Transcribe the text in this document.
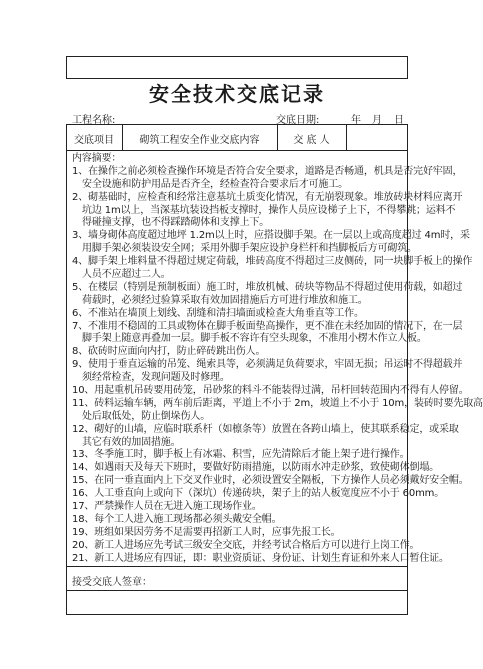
安全技术交底记录
工程名称:	交底日期:	年 月 日
交底项目	砌筑工程安全作业交底内容	交 底 人
内容摘要：
1、在操作之前必须检查操作环境是否符合安全要求，道路是否畅通，机具是否完好牢固，
安全设施和防护用品是否齐全，经检查符合要求后才可施工。
2、砌基础时，应检查和经常注意基坑土质变化情况，有无崩裂现象。堆放砖块材料应离开
坑边 1m以上，当深基坑装设挡板支撑时，操作人员应设梯子上下，不得攀跳；运料不
得碰撞支撑，也不得踩踏砌体和支撑上下。
3、墙身砌体高度超过地坪 1.2m以上时，应搭设脚手架。在一层以上或高度超过 4m时，采
用脚手架必须装设安全网；采用外脚手架应设护身栏杆和挡脚板后方可砌筑。
4、脚手架上堆料量不得超过规定荷载，堆砖高度不得超过三皮侧砖，同一块脚手板上的操作
人员不应超过二人。
5、在楼层（特别是预制板面）施工时，堆放机械、砖块等物品不得超过使用荷载，如超过
荷载时，必须经过验算采取有效加固措施后方可进行堆放和施工。
6、不准站在墙顶上划线、刮缝和清扫墙面或检查大角垂直等工作。
7、不准用不稳固的工具或物体在脚手板面垫高操作，更不准在未经加固的情况下，在一层
脚手架上随意再叠加一层。脚手板不容许有空头现象，不准用小楞木作立人板。
8、砍砖时应面向内打，防止碎砖跳出伤人。
9、使用于垂直运输的吊笼、绳索具等，必须满足负荷要求，牢固无损；吊运时不得超载并
须经常检查，发现问题及时修理。
10、用起重机吊砖要用砖笼，吊砂浆的料斗不能装得过满，吊杆回转范围内不得有人停留。
11、砖料运输车辆，两车前后距离，平道上不小于 2m，坡道上不小于 10m，装砖时要先取高
处后取低处，防止倒垛伤人。
12、砌好的山墙，应临时联系杆（如檩条等）放置在各跨山墙上，使其联系稳定，或采取
其它有效的加固措施。
13、冬季施工时，脚手板上有冰霜、积雪，应先清除后才能上架子进行操作。
14、如遇雨天及每天下班时，要做好防雨措施，以防雨水冲走砂浆，致使砌体倒塌。
15、在同一垂直面内上下交叉作业时，必须设置安全隔板，下方操作人员必须戴好安全帽。
16、人工垂直向上或向下（深坑）传递砖块，架子上的站人板宽度应不小于 60mm。
17、严禁操作人员在无进入施工现场作业。
18、每个工人进入施工现场都必须头戴安全帽。
19、班组如果因劳务不足需要再招新工人时，应事先报工长。
20、新工人进场应先考试三级安全交底，并经考试合格后方可以进行上岗工作。
21、新工人进场应有四证，即：职业资质证、身份证、计划生育证和外来人口暂住证。
接受交底人签章：
